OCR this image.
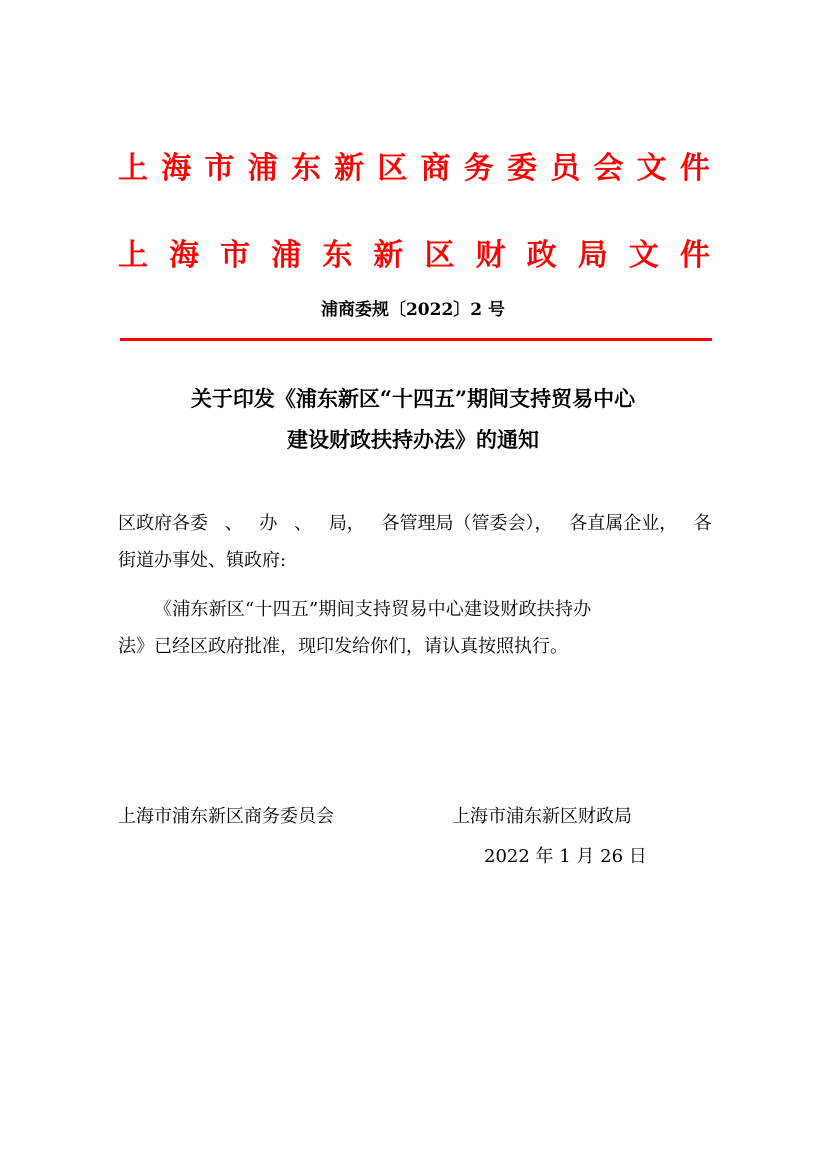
上 海 市 浦 东 新 区 商 务 委 员 会 文 件
上 海 市 浦 东 新 区 财 政 局 文 件
浦商委规〔2022〕2 号
关于印发《浦东新区“十四五”期间支持贸易中心
建设财政扶持办法》的通知
区政府各委 、 办 、 局， 各管理局（管委会）， 各直属企业， 各
街道办事处、镇政府:
《浦东新区“十四五”期间支持贸易中心建设财政扶持办
法》已经区政府批准，现印发给你们，请认真按照执行。
上海市浦东新区商务委员会	上海市浦东新区财政局
2022 年 1 月 26 日
